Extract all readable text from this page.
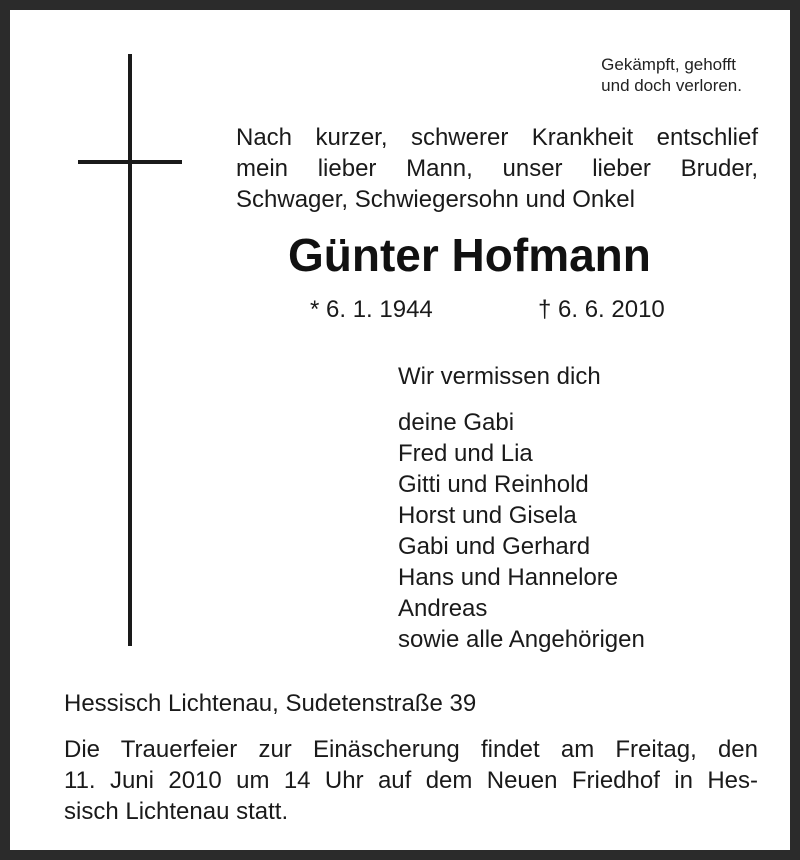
Gekämpft, gehofft
und doch verloren.
Nach kurzer, schwerer Krankheit entschlief
mein lieber Mann, unser lieber Bruder,
Schwager, Schwiegersohn und Onkel
Günter Hofmann
* 6. 1. 1944	† 6. 6. 2010
Wir vermissen dich
deine Gabi
Fred und Lia
Gitti und Reinhold
Horst und Gisela
Gabi und Gerhard
Hans und Hannelore
Andreas
sowie alle Angehörigen
Hessisch Lichtenau, Sudetenstraße 39
Die Trauerfeier zur Einäscherung findet am Freitag, den
11. Juni 2010 um 14 Uhr auf dem Neuen Friedhof in Hes-
sisch Lichtenau statt.
